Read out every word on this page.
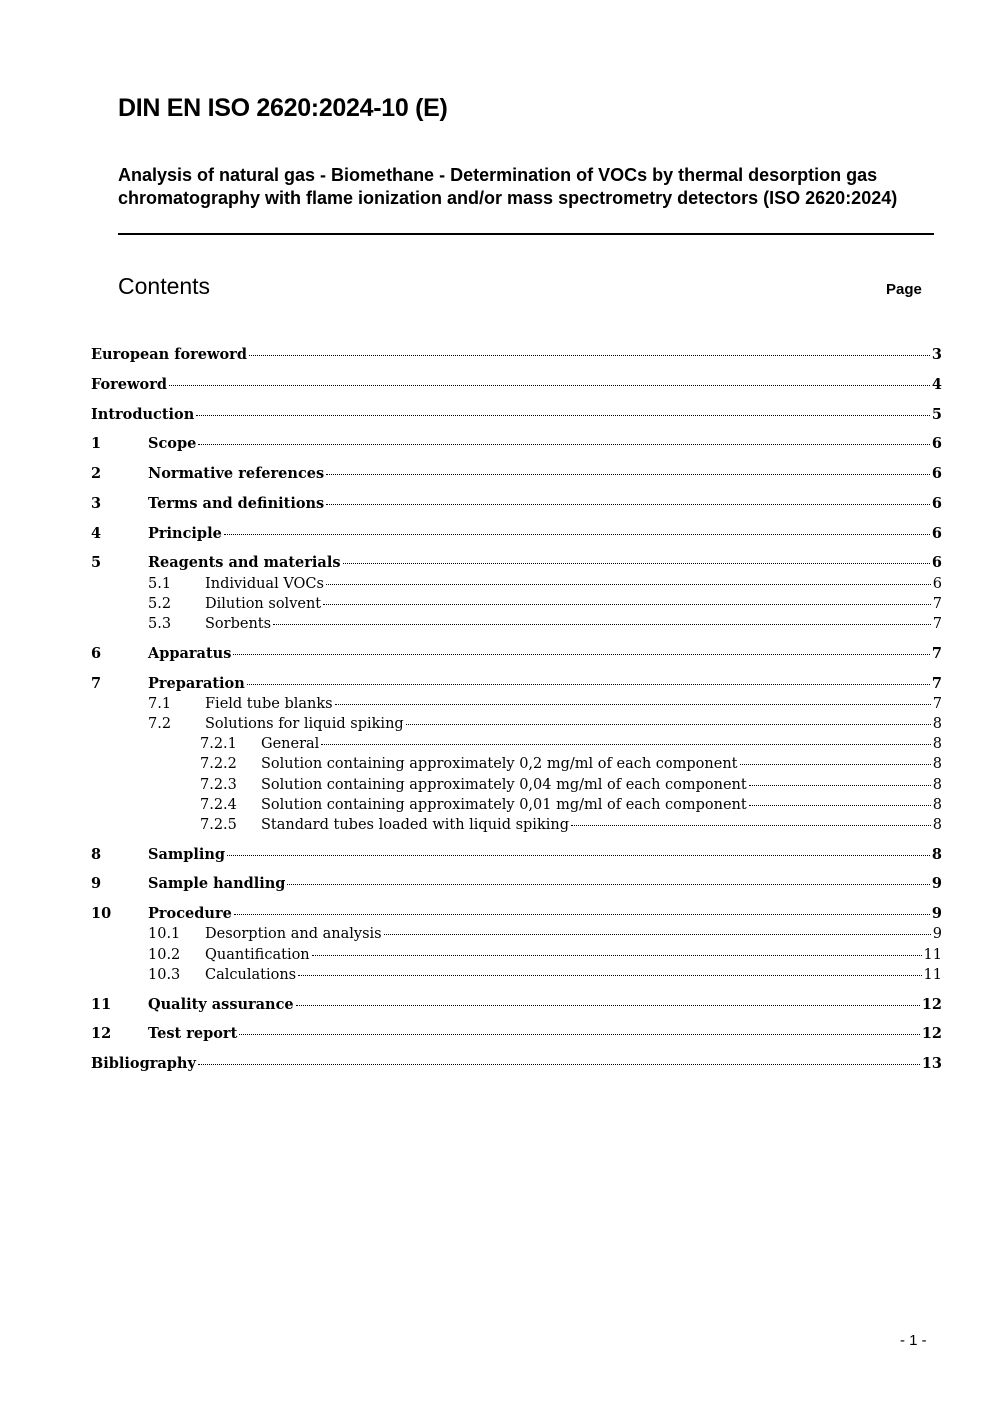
DIN EN ISO 2620:2024-10 (E)
Analysis of natural gas - Biomethane - Determination of VOCs by thermal desorption gas chromatography with flame ionization and/or mass spectrometry detectors (ISO 2620:2024)
Contents	Page
European foreword	3
Foreword	4
Introduction	5
1	Scope	6
2	Normative references	6
3	Terms and definitions	6
4	Principle	6
5	Reagents and materials	6
5.1	Individual VOCs	6
5.2	Dilution solvent	7
5.3	Sorbents	7
6	Apparatus	7
7	Preparation	7
7.1	Field tube blanks	7
7.2	Solutions for liquid spiking	8
7.2.1	General	8
7.2.2	Solution containing approximately 0,2 mg/ml of each component	8
7.2.3	Solution containing approximately 0,04 mg/ml of each component	8
7.2.4	Solution containing approximately 0,01 mg/ml of each component	8
7.2.5	Standard tubes loaded with liquid spiking	8
8	Sampling	8
9	Sample handling	9
10	Procedure	9
10.1	Desorption and analysis	9
10.2	Quantification	11
10.3	Calculations	11
11	Quality assurance	12
12	Test report	12
Bibliography	13
- 1 -
